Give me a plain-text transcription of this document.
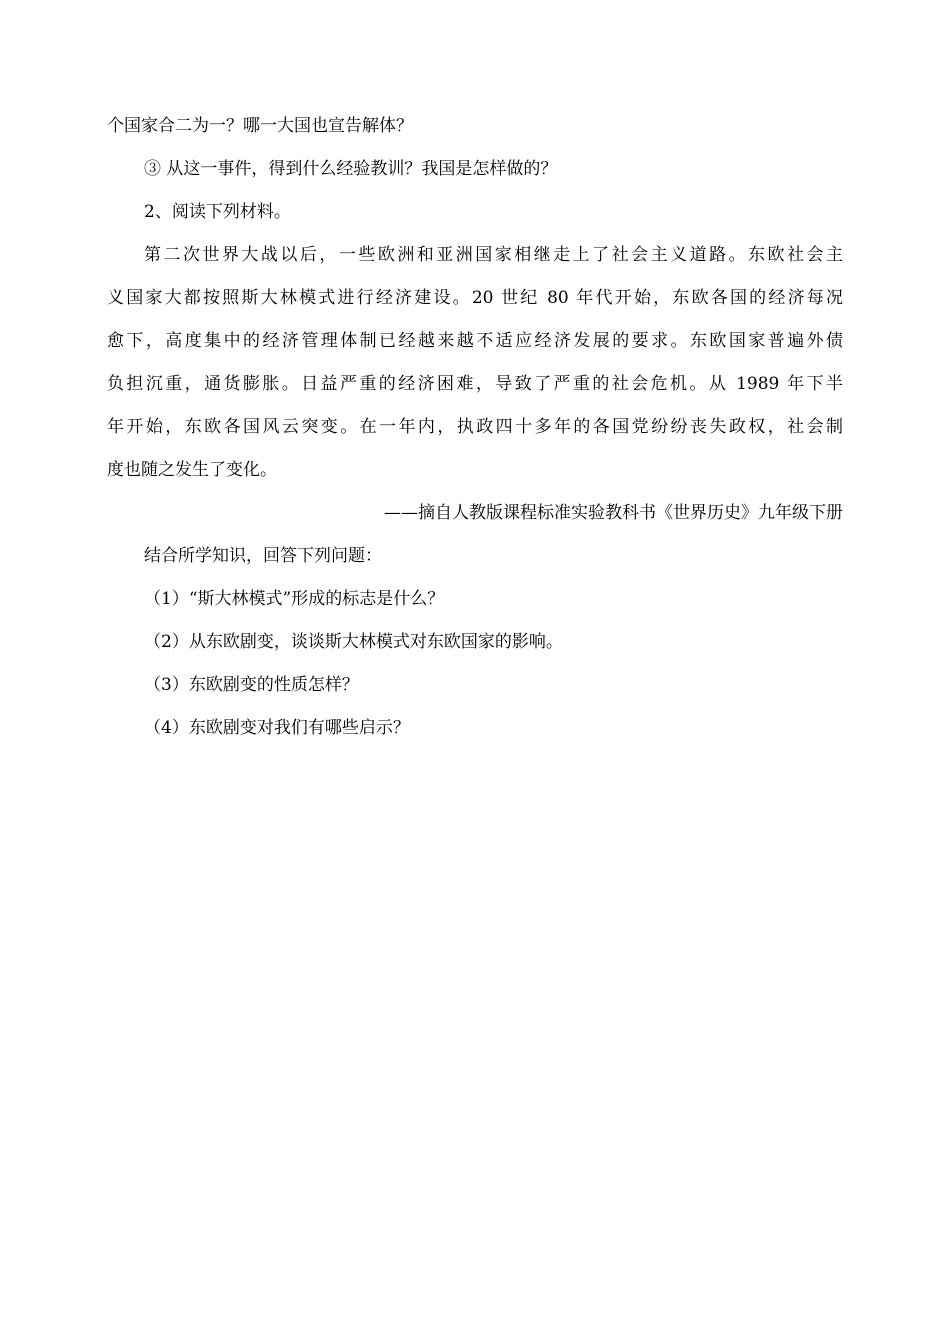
个国家合二为一？哪一大国也宣告解体？
③ 从这一事件，得到什么经验教训？我国是怎样做的？
2、阅读下列材料。
第二次世界大战以后，一些欧洲和亚洲国家相继走上了社会主义道路。东欧社会主
义国家大都按照斯大林模式进行经济建设。20 世纪 80 年代开始，东欧各国的经济每况
愈下，高度集中的经济管理体制已经越来越不适应经济发展的要求。东欧国家普遍外债
负担沉重，通货膨胀。日益严重的经济困难，导致了严重的社会危机。从 1989 年下半
年开始，东欧各国风云突变。在一年内，执政四十多年的各国党纷纷丧失政权，社会制
度也随之发生了变化。
——摘自人教版课程标准实验教科书《世界历史》九年级下册
结合所学知识，回答下列问题：
（1）“斯大林模式”形成的标志是什么？
（2）从东欧剧变，谈谈斯大林模式对东欧国家的影响。
（3）东欧剧变的性质怎样？
（4）东欧剧变对我们有哪些启示？
